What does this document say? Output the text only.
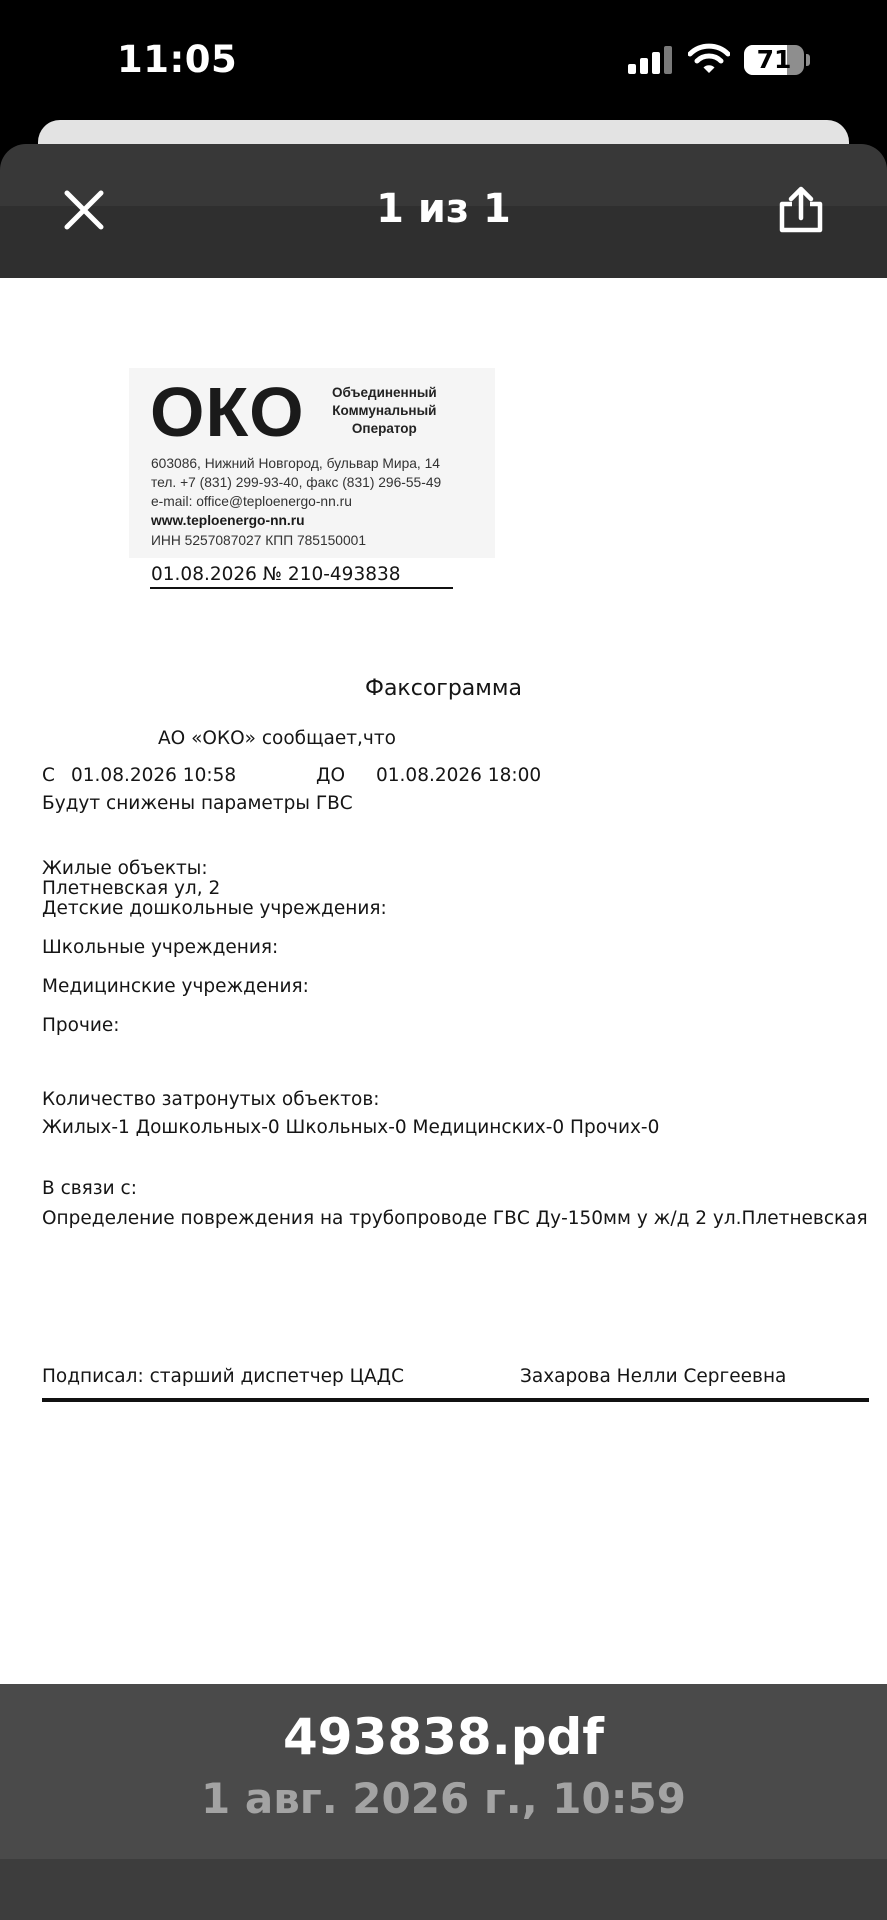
11:05	71
1 из 1
ОКО Объединенный
Коммунальный
Оператор
603086, Нижний Новгород, бульвар Мира, 14
тел. +7 (831) 299-93-40, факс (831) 296-55-49
e-mail: office@teploenergo-nn.ru
www.teploenergo-nn.ru
ИНН 5257087027 КПП 785150001
01.08.2026 № 210-493838
Факсограмма
АО «ОКО» сообщает,что
С 01.08.2026 10:58	ДО 01.08.2026 18:00
Будут снижены параметры ГВС
Жилые объекты:
Плетневская ул, 2
Детские дошкольные учреждения:
Школьные учреждения:
Медицинские учреждения:
Прочие:
Количество затронутых объектов:
Жилых-1 Дошкольных-0 Школьных-0 Медицинских-0 Прочих-0
В связи с:
Определение повреждения на трубопроводе ГВС Ду-150мм у ж/д 2 ул.Плетневская
Подписал: старший диспетчер ЦАДС	Захарова Нелли Сергеевна
493838.pdf
1 авг. 2026 г., 10:59
